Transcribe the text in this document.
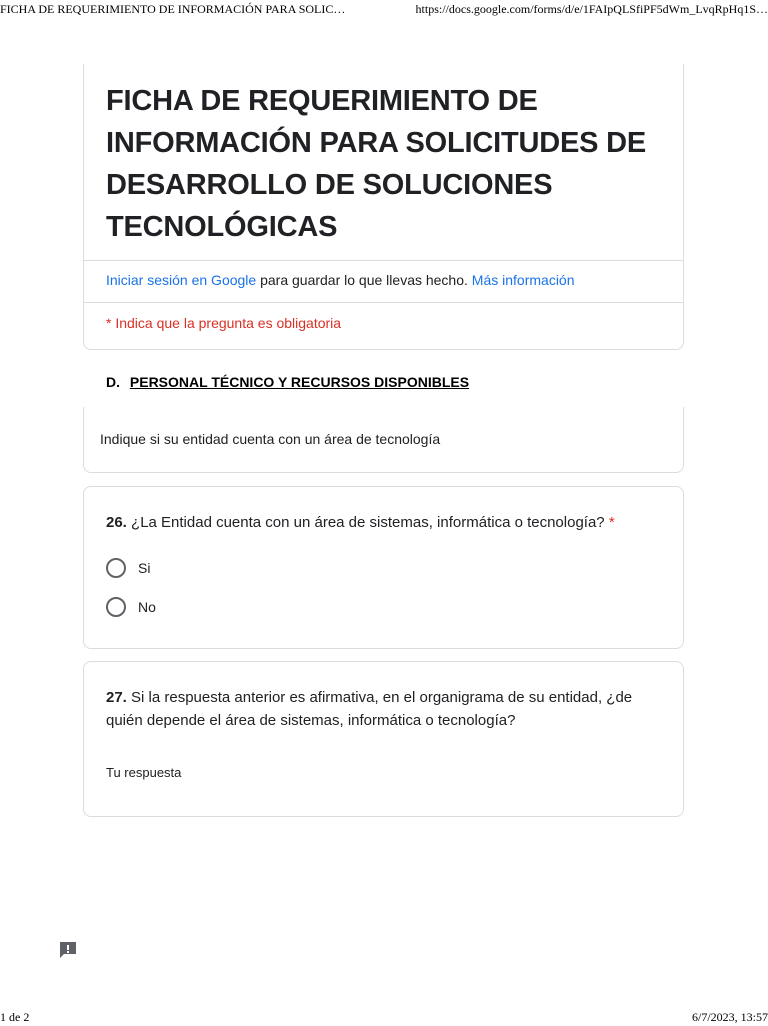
FICHA DE REQUERIMIENTO DE INFORMACIÓN PARA SOLIC…	https://docs.google.com/forms/d/e/1FAIpQLSfiPF5dWm_LvqRpHq1S…
FICHA DE REQUERIMIENTO DE INFORMACIÓN PARA SOLICITUDES DE DESARROLLO DE SOLUCIONES TECNOLÓGICAS
Iniciar sesión en Google para guardar lo que llevas hecho. Más información
* Indica que la pregunta es obligatoria
D. PERSONAL TÉCNICO Y RECURSOS DISPONIBLES
Indique si su entidad cuenta con un área de tecnología
26. ¿La Entidad cuenta con un área de sistemas, informática o tecnología? *
Si
No
27. Si la respuesta anterior es afirmativa, en el organigrama de su entidad, ¿de quién depende el área de sistemas, informática o tecnología?
Tu respuesta
1 de 2	6/7/2023, 13:57
